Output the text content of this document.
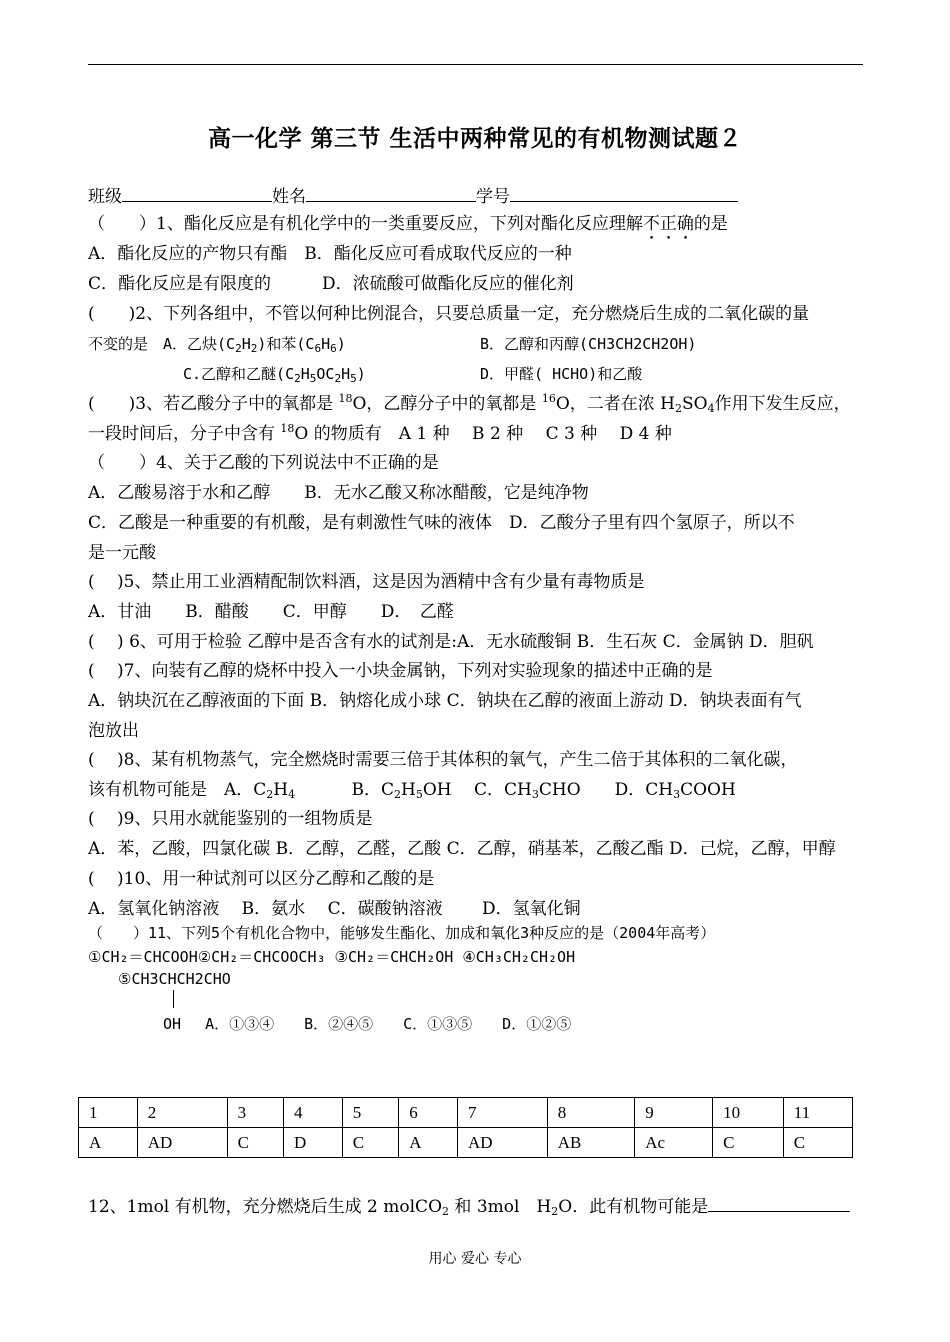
高一化学 第三节 生活中两种常见的有机物测试题２
班级	姓名	学号
（　　）1、酯化反应是有机化学中的一类重要反应，下列对酯化反应理解不正确的是
A．酯化反应的产物只有酯　B．酯化反应可看成取代反应的一种
C．酯化反应是有限度的　　　D．浓硫酸可做酯化反应的催化剂
(　　)2、下列各组中，不管以何种比例混合，只要总质量一定，充分燃烧后生成的二氧化碳的量
不变的是　A．乙炔$(C_2H_2)$和苯$(C_6H_6)$	B．乙醇和丙醇(CH3CH2CH2OH)
C.乙醇和乙醚$(C_2H_5OC_2H_5)$	D．甲醛( HCHO)和乙酸
(　　)3、若乙酸分子中的氧都是 $^{18}$O，乙醇分子中的氧都是 $^{16}$O，二者在浓 $H_2SO_4$作用下发生反应，
一段时间后，分子中含有 $^{18}$O 的物质有　A 1 种　 B 2 种　 C 3 种　 D 4 种
（　　）4、关于乙酸的下列说法中不正确的是
A．乙酸易溶于水和乙醇　　B．无水乙酸又称冰醋酸，它是纯净物
C．乙酸是一种重要的有机酸，是有刺激性气味的液体　D．乙酸分子里有四个氢原子，所以不
是一元酸
(　 )5、禁止用工业酒精配制饮料酒，这是因为酒精中含有少量有毒物质是
A．甘油　　B．醋酸　　C．甲醇　　D．　乙醛
(　 ) 6、可用于检验 乙醇中是否含有水的试剂是:A．无水硫酸铜 B．生石灰 C．金属钠 D．胆矾
(　 )7、向装有乙醇的烧杯中投入一小块金属钠，下列对实验现象的描述中正确的是
A．钠块沉在乙醇液面的下面 B．钠熔化成小球 C．钠块在乙醇的液面上游动 D．钠块表面有气
泡放出
(　 )8、某有机物蒸气，完全燃烧时需要三倍于其体积的氧气，产生二倍于其体积的二氧化碳，
该有机物可能是　A．$C_2H_4$　　　 B．$C_2H_5OH$　 C．$CH_3CHO$　　D．$CH_3COOH$
(　 )9、只用水就能鉴别的一组物质是
A．苯，乙酸，四氯化碳 B．乙醇，乙醛，乙酸 C．乙醇，硝基苯，乙酸乙酯 D．己烷，乙醇，甲醇
(　 )10、用一种试剂可以区分乙醇和乙酸的是
A．氢氧化钠溶液　 B．氨水　 C．碳酸钠溶液　　 D．氢氧化铜
（　　）11、下列5个有机化合物中，能够发生酯化、加成和氧化3种反应的是（2004年高考）
①CH₂＝CHCOOH②CH₂＝CHCOOCH₃ ③CH₂＝CHCH₂OH ④CH₃CH₂CH₂OH
⑤CH3CHCH2CHO
OH　 A．①③④　　B．②④⑤　　C．①③⑤　　D．①②⑤
1	2	3	4	5	6	7	8	9	10	11
A	AD	C	D	C	A	AD	AB	Ac	C	C
12、1mol 有机物，充分燃烧后生成 2 molCO$_2$ 和 3mol　$H_2O$．此有机物可能是
用心 爱心 专心
